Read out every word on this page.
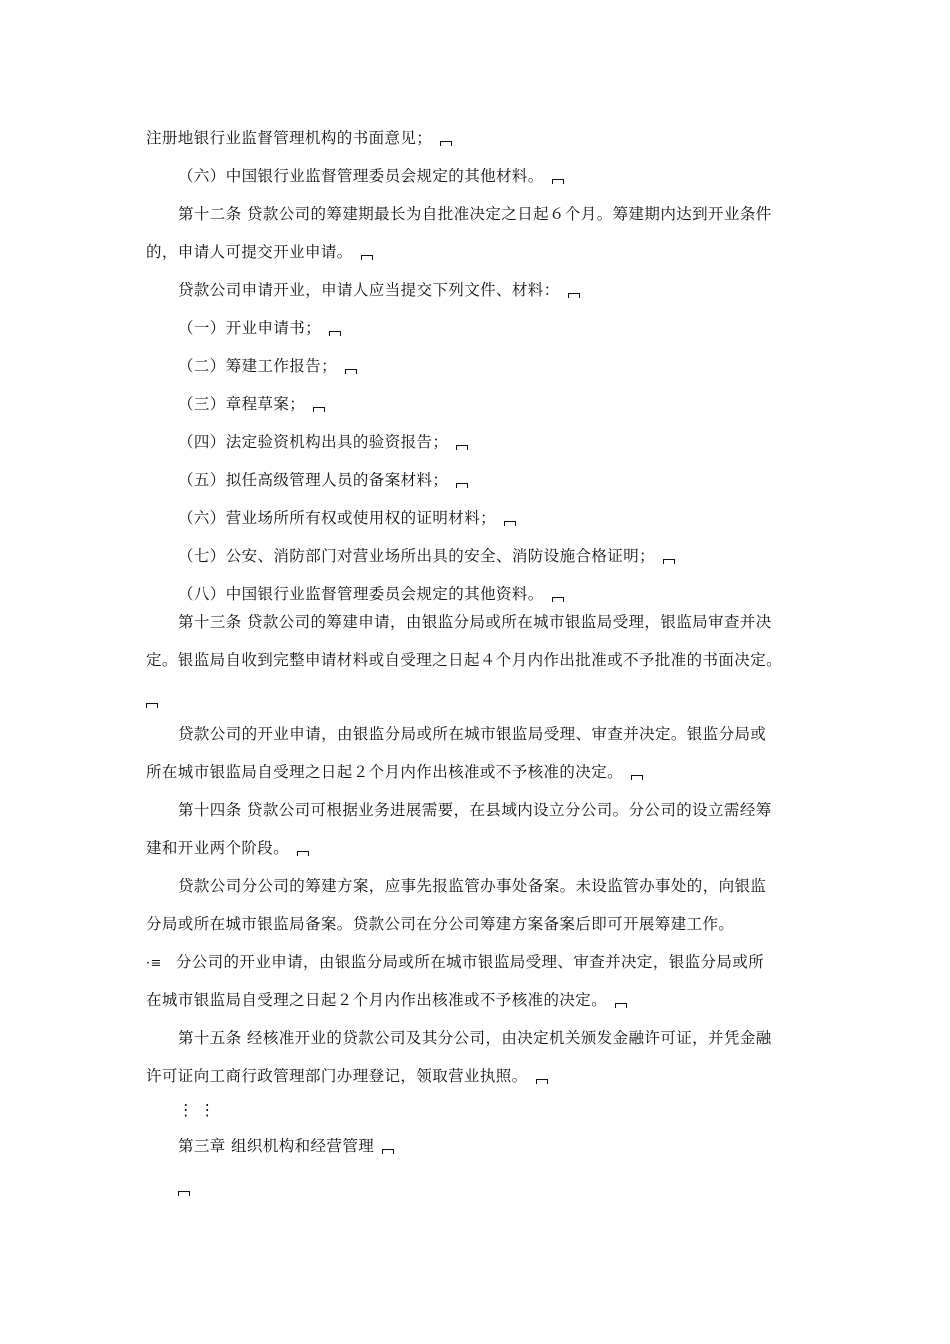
注册地银行业监督管理机构的书面意见；
（六）中国银行业监督管理委员会规定的其他材料。
第十二条 贷款公司的筹建期最长为自批准决定之日起６个月。筹建期内达到开业条件
的，申请人可提交开业申请。
贷款公司申请开业，申请人应当提交下列文件、材料：
（一）开业申请书；
（二）筹建工作报告；
（三）章程草案；
（四）法定验资机构出具的验资报告；
（五）拟任高级管理人员的备案材料；
（六）营业场所所有权或使用权的证明材料；
（七）公安、消防部门对营业场所出具的安全、消防设施合格证明；
（八）中国银行业监督管理委员会规定的其他资料。
第十三条 贷款公司的筹建申请，由银监分局或所在城市银监局受理，银监局审查并决
定。银监局自收到完整申请材料或自受理之日起４个月内作出批准或不予批准的书面决定。
贷款公司的开业申请，由银监分局或所在城市银监局受理、审查并决定。银监分局或
所在城市银监局自受理之日起２个月内作出核准或不予核准的决定。
第十四条 贷款公司可根据业务进展需要，在县域内设立分公司。分公司的设立需经筹
建和开业两个阶段。
贷款公司分公司的筹建方案，应事先报监管办事处备案。未设监管办事处的，向银监
分局或所在城市银监局备案。贷款公司在分公司筹建方案备案后即可开展筹建工作。
·≡ 分公司的开业申请，由银监分局或所在城市银监局受理、审查并决定，银监分局或所
在城市银监局自受理之日起２个月内作出核准或不予核准的决定。
第十五条 经核准开业的贷款公司及其分公司，由决定机关颁发金融许可证，并凭金融
许可证向工商行政管理部门办理登记，领取营业执照。
⋮⋮
第三章 组织机构和经营管理
